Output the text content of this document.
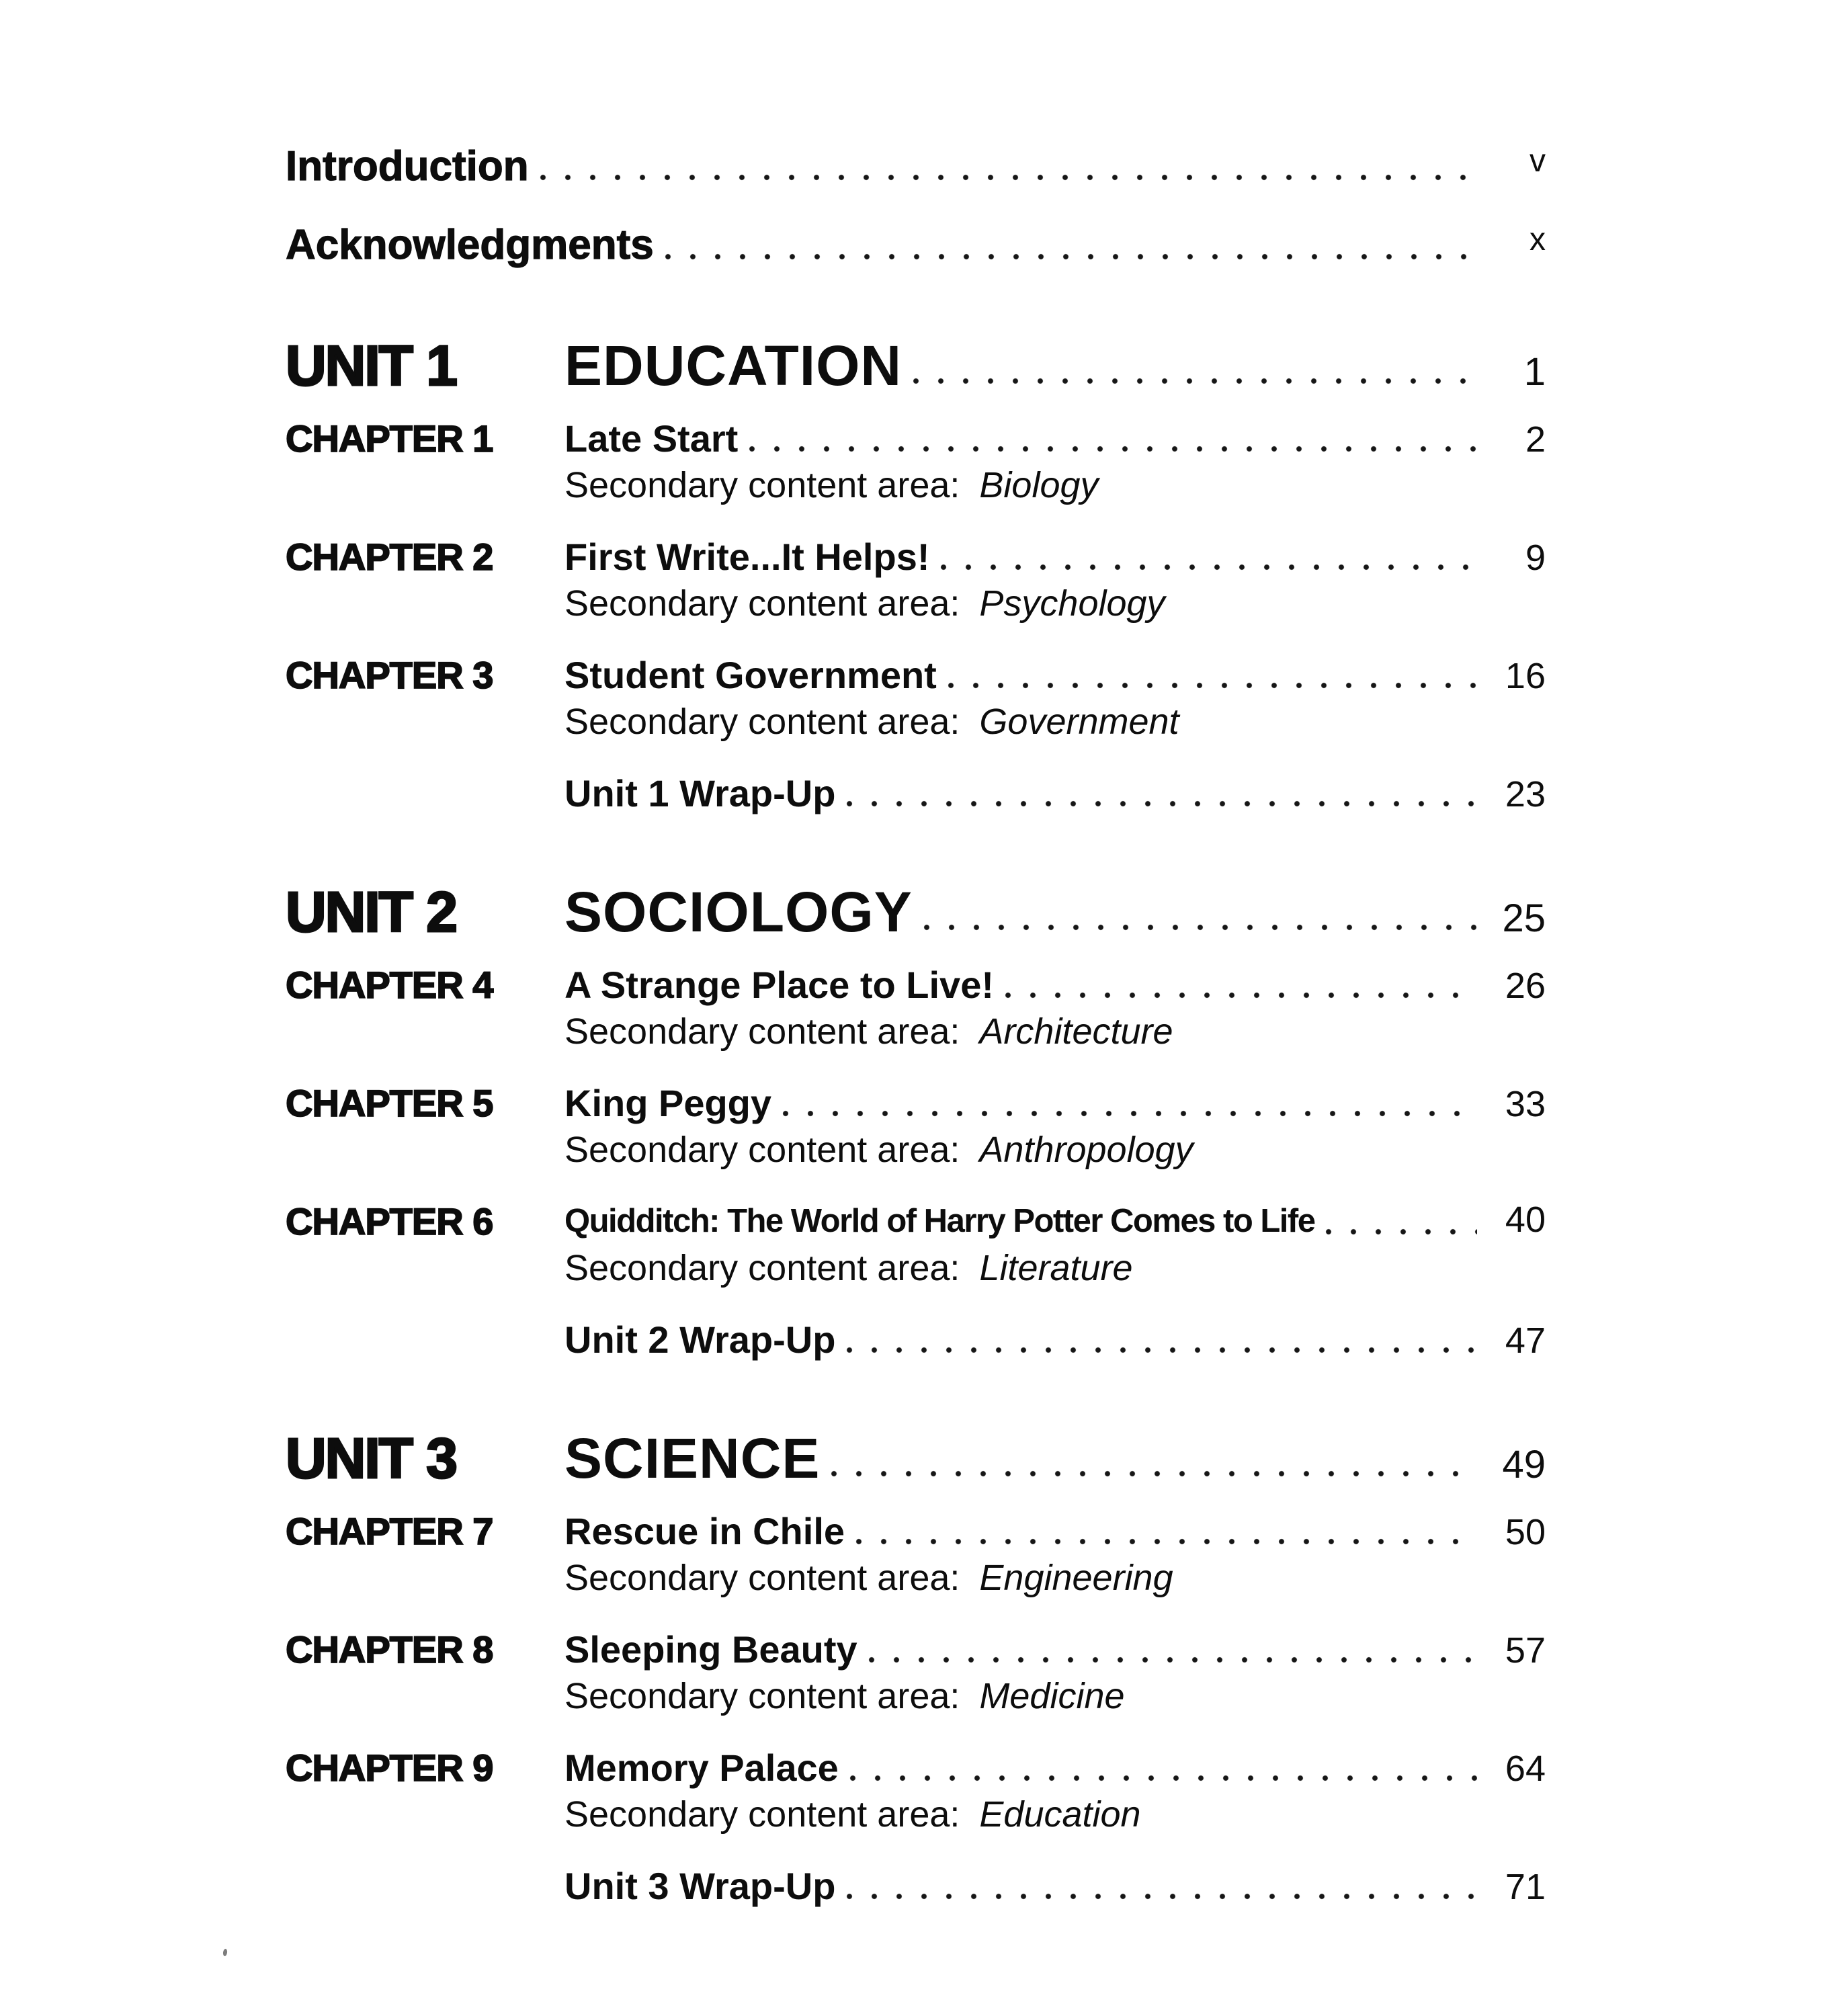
Introduction	v
Acknowledgments	x
UNIT 1	EDUCATION	1
CHAPTER 1	Late Start	2
Secondary content area: Biology
CHAPTER 2	First Write...It Helps!	9
Secondary content area: Psychology
CHAPTER 3	Student Government	16
Secondary content area: Government
Unit 1 Wrap-Up	23
UNIT 2	SOCIOLOGY	25
CHAPTER 4	A Strange Place to Live!	26
Secondary content area: Architecture
CHAPTER 5	King Peggy	33
Secondary content area: Anthropology
CHAPTER 6	Quidditch: The World of Harry Potter Comes to Life	40
Secondary content area: Literature
Unit 2 Wrap-Up	47
UNIT 3	SCIENCE	49
CHAPTER 7	Rescue in Chile	50
Secondary content area: Engineering
CHAPTER 8	Sleeping Beauty	57
Secondary content area: Medicine
CHAPTER 9	Memory Palace	64
Secondary content area: Education
Unit 3 Wrap-Up	71
